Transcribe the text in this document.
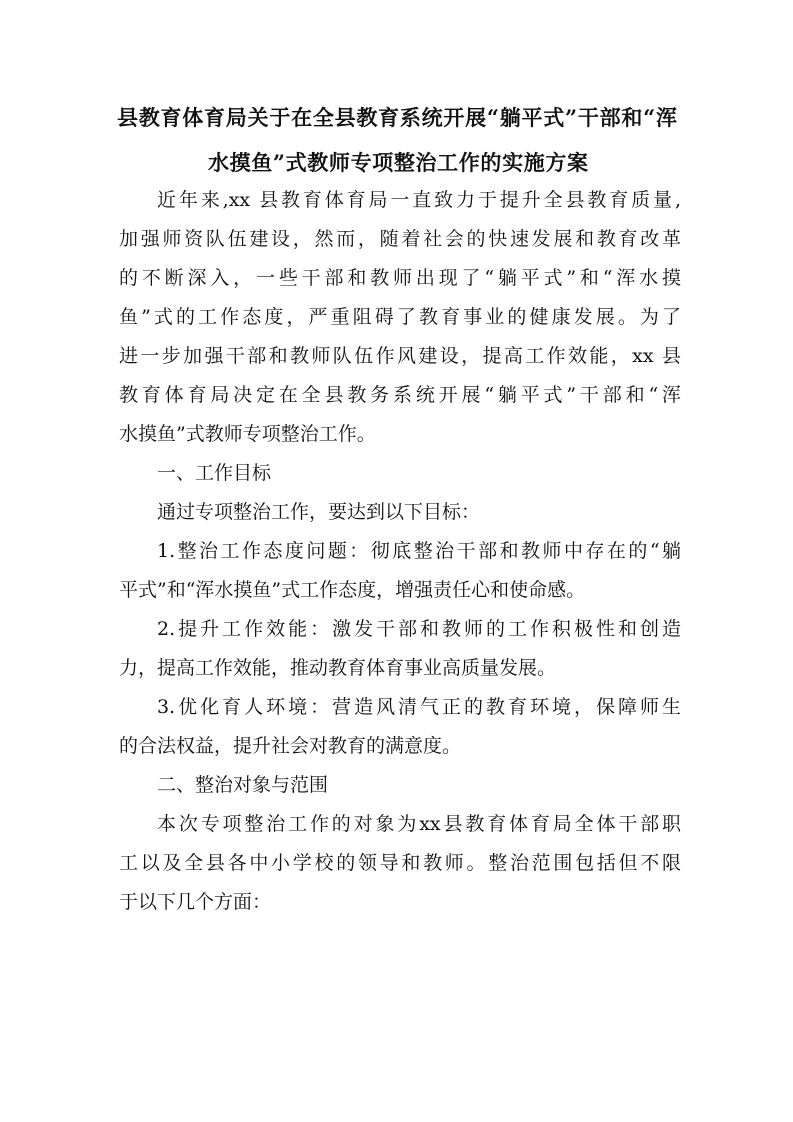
县教育体育局关于在全县教育系统开展“躺平式”干部和“浑
水摸鱼”式教师专项整治工作的实施方案
近年来,xx 县教育体育局一直致力于提升全县教育质量,
加强师资队伍建设，然而，随着社会的快速发展和教育改革
的不断深入，一些干部和教师出现了“躺平式”和“浑水摸
鱼”式的工作态度，严重阻碍了教育事业的健康发展。为了
进一步加强干部和教师队伍作风建设，提高工作效能，xx 县
教育体育局决定在全县教务系统开展“躺平式”干部和“浑
水摸鱼”式教师专项整治工作。
一、工作目标
通过专项整治工作，要达到以下目标：
1.整治工作态度问题：彻底整治干部和教师中存在的“躺
平式”和“浑水摸鱼”式工作态度，增强责任心和使命感。
2.提升工作效能：激发干部和教师的工作积极性和创造
力，提高工作效能，推动教育体育事业高质量发展。
3.优化育人环境：营造风清气正的教育环境，保障师生
的合法权益，提升社会对教育的满意度。
二、整治对象与范围
本次专项整治工作的对象为xx县教育体育局全体干部职
工以及全县各中小学校的领导和教师。整治范围包括但不限
于以下几个方面：
